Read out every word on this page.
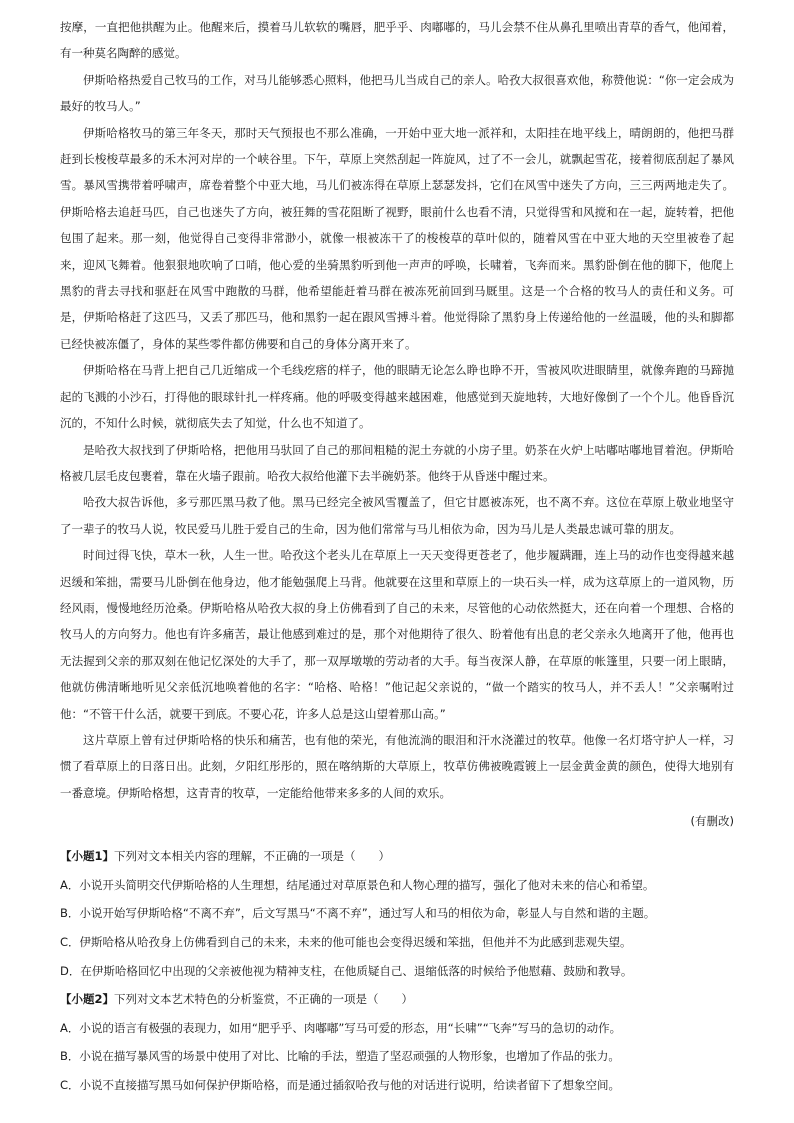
按摩，一直把他拱醒为止。他醒来后，摸着马儿软软的嘴唇，肥乎乎、肉嘟嘟的，马儿会禁不住从鼻孔里喷出青草的香气，他闻着，有一种莫名陶醉的感觉。

伊斯哈格热爱自己牧马的工作，对马儿能够悉心照料，他把马儿当成自己的亲人。哈孜大叔很喜欢他，称赞他说：“你一定会成为最好的牧马人。”

伊斯哈格牧马的第三年冬天，那时天气预报也不那么准确，一开始中亚大地一派祥和，太阳挂在地平线上，晴朗朗的，他把马群赶到长梭梭草最多的禾木河对岸的一个峡谷里。下午，草原上突然刮起一阵旋风，过了不一会儿，就飘起雪花，接着彻底刮起了暴风雪。暴风雪携带着呼啸声，席卷着整个中亚大地，马儿们被冻得在草原上瑟瑟发抖，它们在风雪中迷失了方向，三三两两地走失了。伊斯哈格去追赶马匹，自己也迷失了方向，被狂舞的雪花阻断了视野，眼前什么也看不清，只觉得雪和风搅和在一起，旋转着，把他包围了起来。那一刻，他觉得自己变得非常渺小，就像一根被冻干了的梭梭草的草叶似的，随着风雪在中亚大地的天空里被卷了起来，迎风飞舞着。他狠狠地吹响了口哨，他心爱的坐骑黑豹听到他一声声的呼唤，长啸着，飞奔而来。黑豹卧倒在他的脚下，他爬上黑豹的背去寻找和驱赶在风雪中跑散的马群，他希望能赶着马群在被冻死前回到马厩里。这是一个合格的牧马人的责任和义务。可是，伊斯哈格赶了这匹马，又丢了那匹马，他和黑豹一起在跟风雪搏斗着。他觉得除了黑豹身上传递给他的一丝温暖，他的头和脚都已经快被冻僵了，身体的某些零件都仿佛要和自己的身体分离开来了。

伊斯哈格在马背上把自己几近缩成一个毛线疙瘩的样子，他的眼睛无论怎么睁也睁不开，雪被风吹进眼睛里，就像奔跑的马蹄抛起的飞溅的小沙石，打得他的眼球针扎一样疼痛。他的呼吸变得越来越困难，他感觉到天旋地转，大地好像倒了一个个儿。他昏昏沉沉的，不知什么时候，就彻底失去了知觉，什么也不知道了。

是哈孜大叔找到了伊斯哈格，把他用马驮回了自己的那间粗糙的泥土夯就的小房子里。奶茶在火炉上咕嘟咕嘟地冒着泡。伊斯哈格被几层毛皮包裹着，靠在火墙子跟前。哈孜大叔给他灌下去半碗奶茶。他终于从昏迷中醒过来。

哈孜大叔告诉他，多亏那匹黑马救了他。黑马已经完全被风雪覆盖了，但它甘愿被冻死，也不离不弃。这位在草原上敬业地坚守了一辈子的牧马人说，牧民爱马儿胜于爱自己的生命，因为他们常常与马儿相依为命，因为马儿是人类最忠诚可靠的朋友。

时间过得飞快，草木一秋，人生一世。哈孜这个老头儿在草原上一天天变得更苍老了，他步履蹒跚，连上马的动作也变得越来越迟缓和笨拙，需要马儿卧倒在他身边，他才能勉强爬上马背。他就要在这里和草原上的一块石头一样，成为这草原上的一道风物，历经风雨，慢慢地经历沧桑。伊斯哈格从哈孜大叔的身上仿佛看到了自己的未来，尽管他的心动依然挺大，还在向着一个理想、合格的牧马人的方向努力。他也有许多痛苦，最让他感到难过的是，那个对他期待了很久、盼着他有出息的老父亲永久地离开了他，他再也无法握到父亲的那双刻在他记忆深处的大手了，那一双厚墩墩的劳动者的大手。每当夜深人静，在草原的帐篷里，只要一闭上眼睛，他就仿佛清晰地听见父亲低沉地唤着他的名字：“哈格、哈格！”他记起父亲说的，“做一个踏实的牧马人，并不丢人！”父亲嘱咐过他：“不管干什么活，就要干到底。不要心花，许多人总是这山望着那山高。”

这片草原上曾有过伊斯哈格的快乐和痛苦，也有他的荣光，有他流淌的眼泪和汗水浇灌过的牧草。他像一名灯塔守护人一样，习惯了看草原上的日落日出。此刻，夕阳红彤彤的，照在喀纳斯的大草原上，牧草仿佛被晚霞镀上一层金黄金黄的颜色，使得大地别有一番意境。伊斯哈格想，这青青的牧草，一定能给他带来多多的人间的欢乐。

(有删改)

【小题1】下列对文本相关内容的理解，不正确的一项是（　　）

A．小说开头简明交代伊斯哈格的人生理想，结尾通过对草原景色和人物心理的描写，强化了他对未来的信心和希望。

B．小说开始写伊斯哈格“不离不弃”，后文写黑马“不离不弃”，通过写人和马的相依为命，彰显人与自然和谐的主题。

C．伊斯哈格从哈孜身上仿佛看到自己的未来，未来的他可能也会变得迟缓和笨拙，但他并不为此感到悲观失望。

D．在伊斯哈格回忆中出现的父亲被他视为精神支柱，在他质疑自己、退缩低落的时候给予他慰藉、鼓励和教导。

【小题2】下列对文本艺术特色的分析鉴赏，不正确的一项是（　　）

A．小说的语言有极强的表现力，如用“肥乎乎、肉嘟嘟”写马可爱的形态，用“长啸”“飞奔”写马的急切的动作。

B．小说在描写暴风雪的场景中使用了对比、比喻的手法，塑造了坚忍顽强的人物形象，也增加了作品的张力。

C．小说不直接描写黑马如何保护伊斯哈格，而是通过插叙哈孜与他的对话进行说明，给读者留下了想象空间。
